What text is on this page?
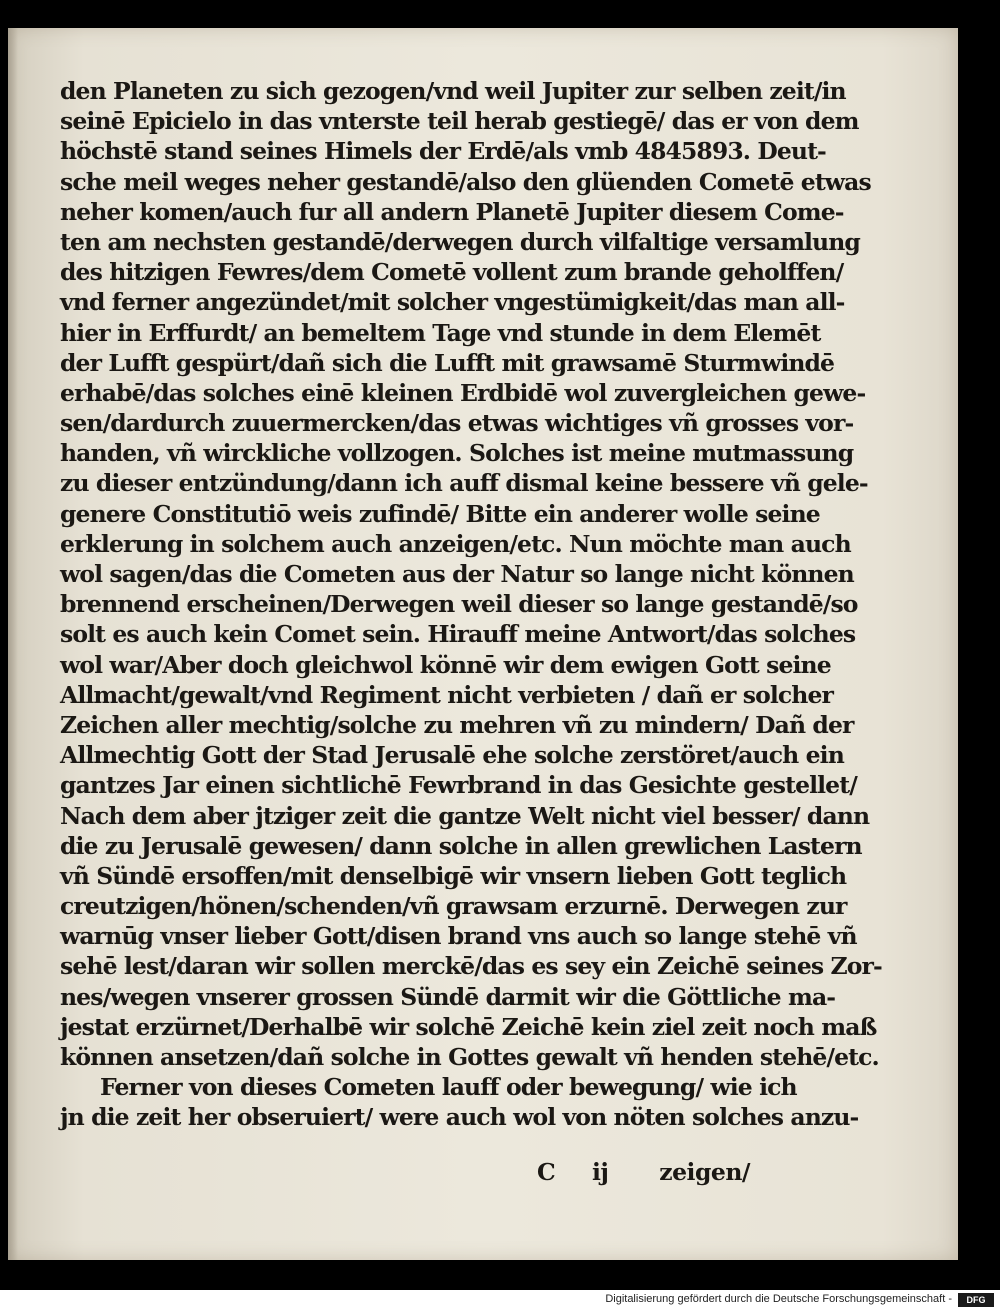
den Planeten zu sich gezogen/vnd weil Jupiter zur selben zeit/in
seinē Epicielo in das vnterste teil herab gestiegē/ das er von dem
höchstē stand seines Himels der Erdē/als vmb 4845893. Deut-
sche meil weges neher gestandē/also den glüenden Cometē etwas
neher komen/auch fur all andern Planetē Jupiter diesem Come-
ten am nechsten gestandē/derwegen durch vilfaltige versamlung
des hitzigen Fewres/dem Cometē vollent zum brande geholffen/
vnd ferner angezündet/mit solcher vngestümigkeit/das man all-
hier in Erffurdt/ an bemeltem Tage vnd stunde in dem Elemēt
der Lufft gespürt/dañ sich die Lufft mit grawsamē Sturmwindē
erhabē/das solches einē kleinen Erdbidē wol zuvergleichen gewe-
sen/dardurch zuuermercken/das etwas wichtiges vñ grosses vor-
handen, vñ wirckliche vollzogen. Solches ist meine mutmassung
zu dieser entzündung/dann ich auff dismal keine bessere vñ gele-
genere Constitutiō weis zufindē/ Bitte ein anderer wolle seine
erklerung in solchem auch anzeigen/etc. Nun möchte man auch
wol sagen/das die Cometen aus der Natur so lange nicht können
brennend erscheinen/Derwegen weil dieser so lange gestandē/so
solt es auch kein Comet sein. Hirauff meine Antwort/das solches
wol war/Aber doch gleichwol könnē wir dem ewigen Gott seine
Allmacht/gewalt/vnd Regiment nicht verbieten / dañ er solcher
Zeichen aller mechtig/solche zu mehren vñ zu mindern/ Dañ der
Allmechtig Gott der Stad Jerusalē ehe solche zerstöret/auch ein
gantzes Jar einen sichtlichē Fewrbrand in das Gesichte gestellet/
Nach dem aber jtziger zeit die gantze Welt nicht viel besser/ dann
die zu Jerusalē gewesen/ dann solche in allen grewlichen Lastern
vñ Sündē ersoffen/mit denselbigē wir vnsern lieben Gott teglich
creutzigen/hönen/schenden/vñ grawsam erzurnē. Derwegen zur
warnūg vnser lieber Gott/disen brand vns auch so lange stehē vñ
sehē lest/daran wir sollen merckē/das es sey ein Zeichē seines Zor-
nes/wegen vnserer grossen Sündē darmit wir die Göttliche ma-
jestat erzürnet/Derhalbē wir solchē Zeichē kein ziel zeit noch maß
können ansetzen/dañ solche in Gottes gewalt vñ henden stehē/etc.
Ferner von dieses Cometen lauff oder bewegung/ wie ich
jn die zeit her obseruiert/ were auch wol von nöten solches anzu-
C ij zeigen/
Digitalisierung gefördert durch die Deutsche Forschungsgemeinschaft -	DFG
